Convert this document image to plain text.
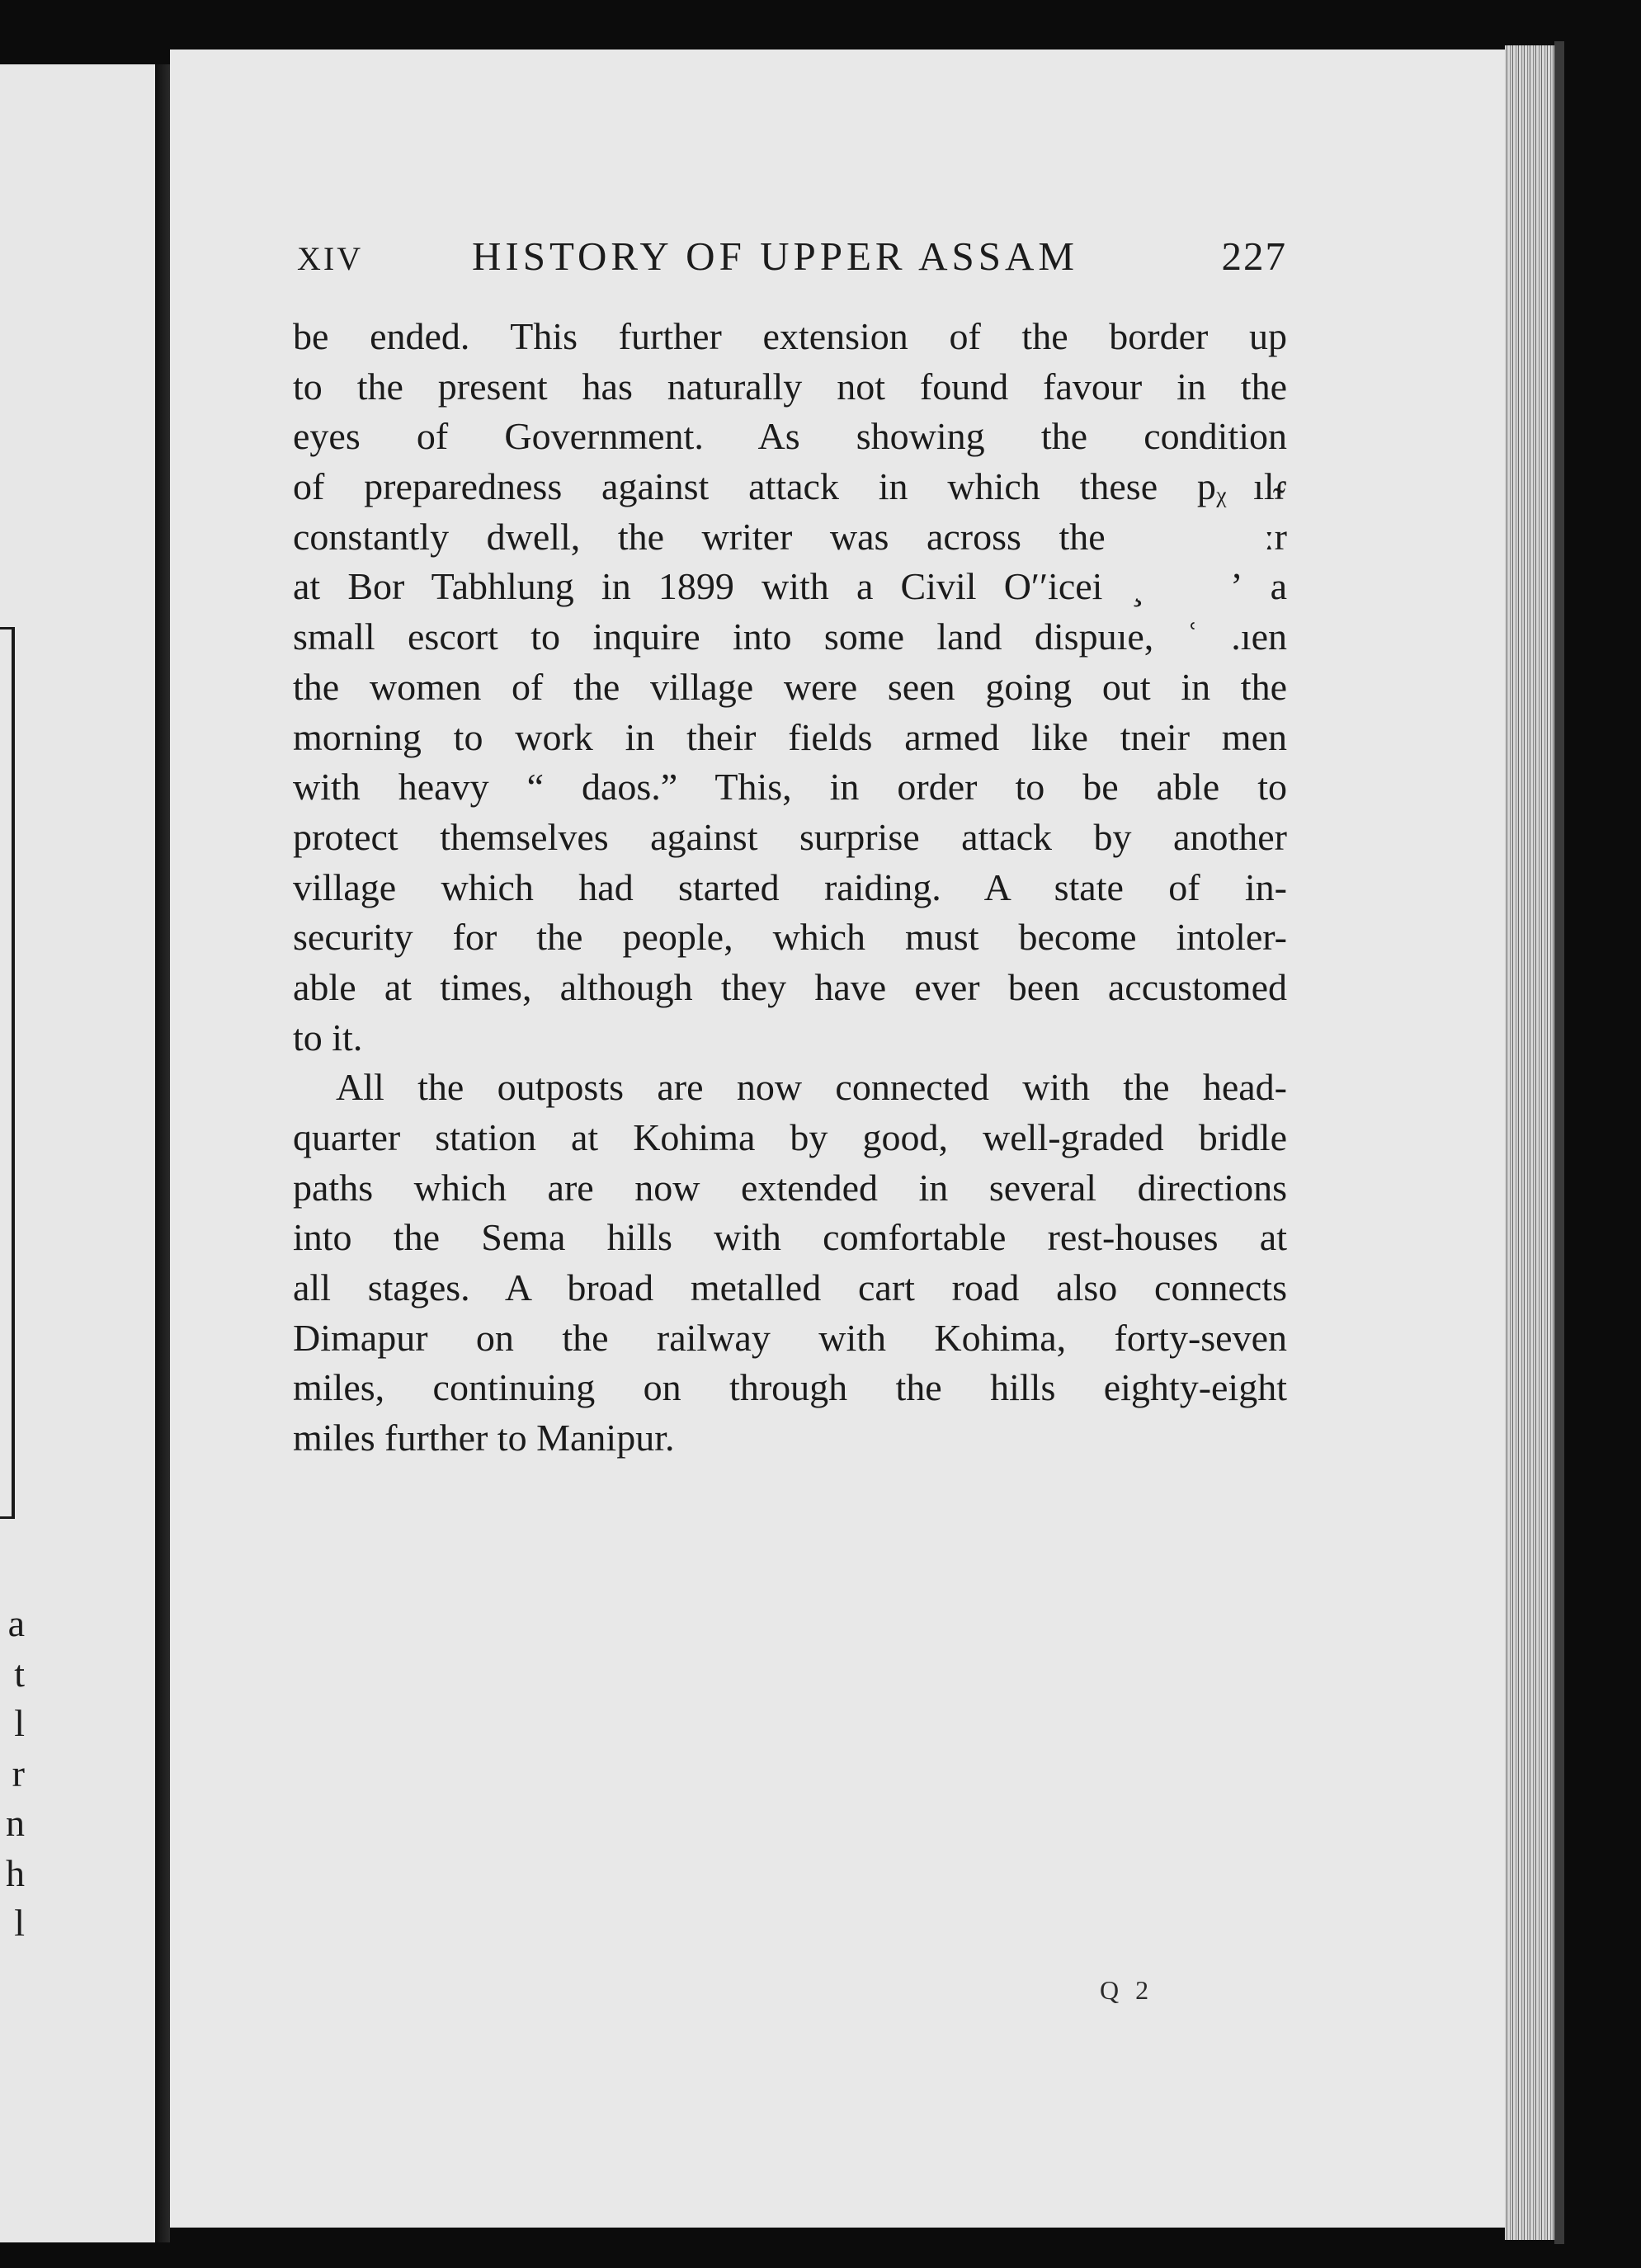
a
t
l
r
n
h
l
XIV	HISTORY OF UPPER ASSAM	227
be ended. This further extension of the border up
to the present has naturally not found favour in the
eyes of Government. As showing the condition
of preparedness against attack in which these pᵪ  ılᵳ
constantly dwell, the writer was across the     ːr
at Bor Tabhlung in 1899 with a Civil Oʹʹicei  ̧   ʼ a
small escort to inquire into some land dispuıe, ʿ .ıen
the women of the village were seen going out in the
morning to work in their fields armed like tneir men
with heavy “ daos.” This, in order to be able to
protect themselves against surprise attack by another
village which had started raiding. A state of in-
security for the people, which must become intoler-
able at times, although they have ever been accustomed
to it.
All the outposts are now connected with the head-
quarter station at Kohima by good, well-graded bridle
paths which are now extended in several directions
into the Sema hills with comfortable rest-houses at
all stages. A broad metalled cart road also connects
Dimapur on the railway with Kohima, forty-seven
miles, continuing on through the hills eighty-eight
miles further to Manipur.
Q 2
